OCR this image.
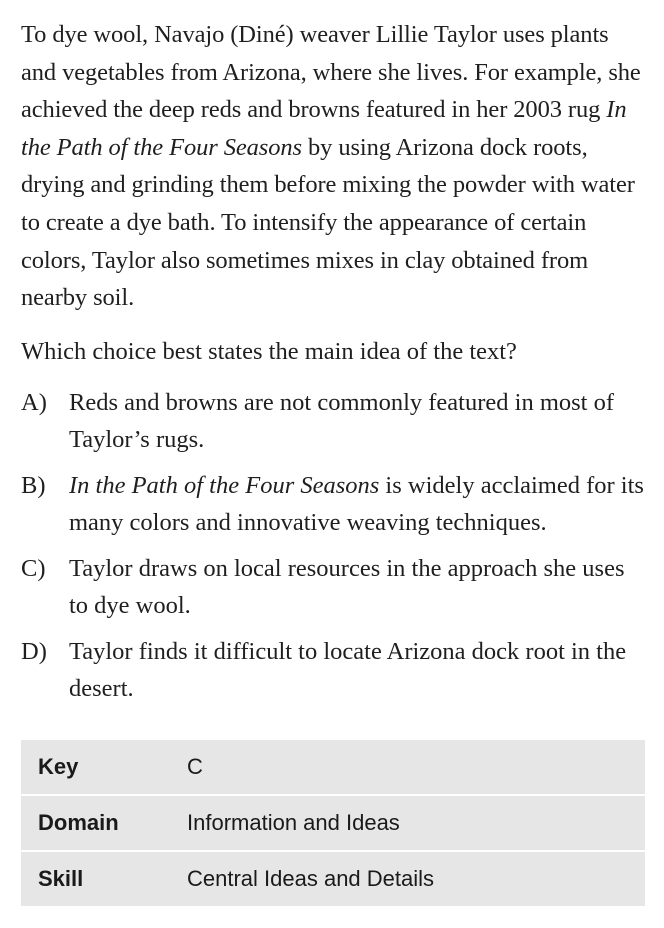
To dye wool, Navajo (Diné) weaver Lillie Taylor uses plants and vegetables from Arizona, where she lives. For example, she achieved the deep reds and browns featured in her 2003 rug In the Path of the Four Seasons by using Arizona dock roots, drying and grinding them before mixing the powder with water to create a dye bath. To intensify the appearance of certain colors, Taylor also sometimes mixes in clay obtained from nearby soil.

Which choice best states the main idea of the text?

A) Reds and browns are not commonly featured in most of Taylor’s rugs.
B) In the Path of the Four Seasons is widely acclaimed for its many colors and innovative weaving techniques.
C) Taylor draws on local resources in the approach she uses to dye wool.
D) Taylor finds it difficult to locate Arizona dock root in the desert.
Key	C
Domain	Information and Ideas
Skill	Central Ideas and Details
